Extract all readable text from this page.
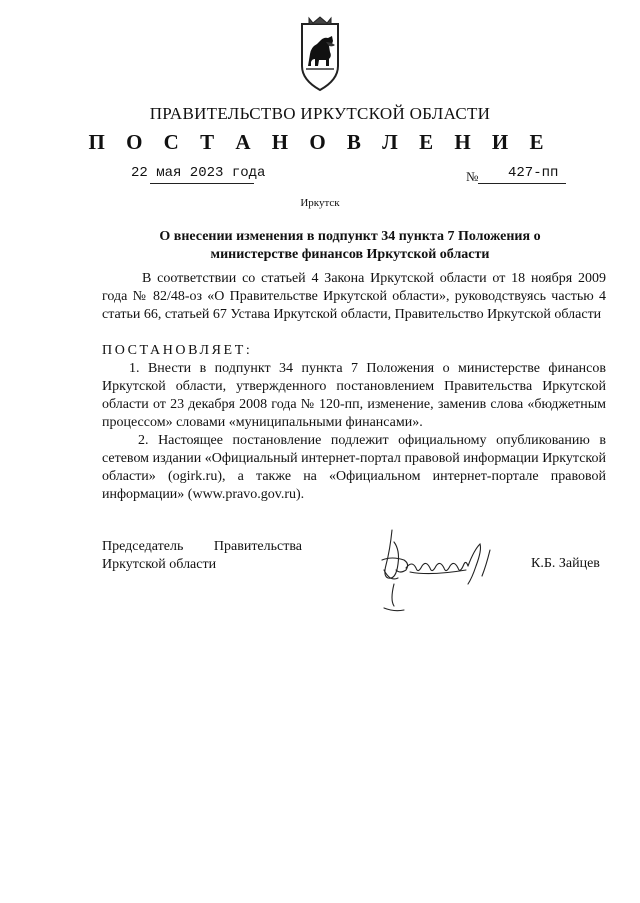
ПРАВИТЕЛЬСТВО ИРКУТСКОЙ ОБЛАСТИ
П О С Т А Н О В Л Е Н И Е
22 мая 2023 года	№ 427-пп
Иркутск
О внесении изменения в подпункт 34 пункта 7 Положения о министерстве финансов Иркутской области

В соответствии со статьей 4 Закона Иркутской области от 18 ноября 2009 года № 82/48-оз «О Правительстве Иркутской области», руководствуясь частью 4 статьи 66, статьей 67 Устава Иркутской области, Правительство Иркутской области

ПОСТАНОВЛЯЕТ:

1. Внести в подпункт 34 пункта 7 Положения о министерстве финансов Иркутской области, утвержденного постановлением Правительства Иркутской области от 23 декабря 2008 года № 120-пп, изменение, заменив слова «бюджетным процессом» словами «муниципальными финансами».

2. Настоящее постановление подлежит официальному опубликованию в сетевом издании «Официальный интернет-портал правовой информации Иркутской области» (ogirk.ru), а также на «Официальном интернет-портале правовой информации» (www.pravo.gov.ru).

Председатель Правительства
Иркутской области	К.Б. Зайцев
